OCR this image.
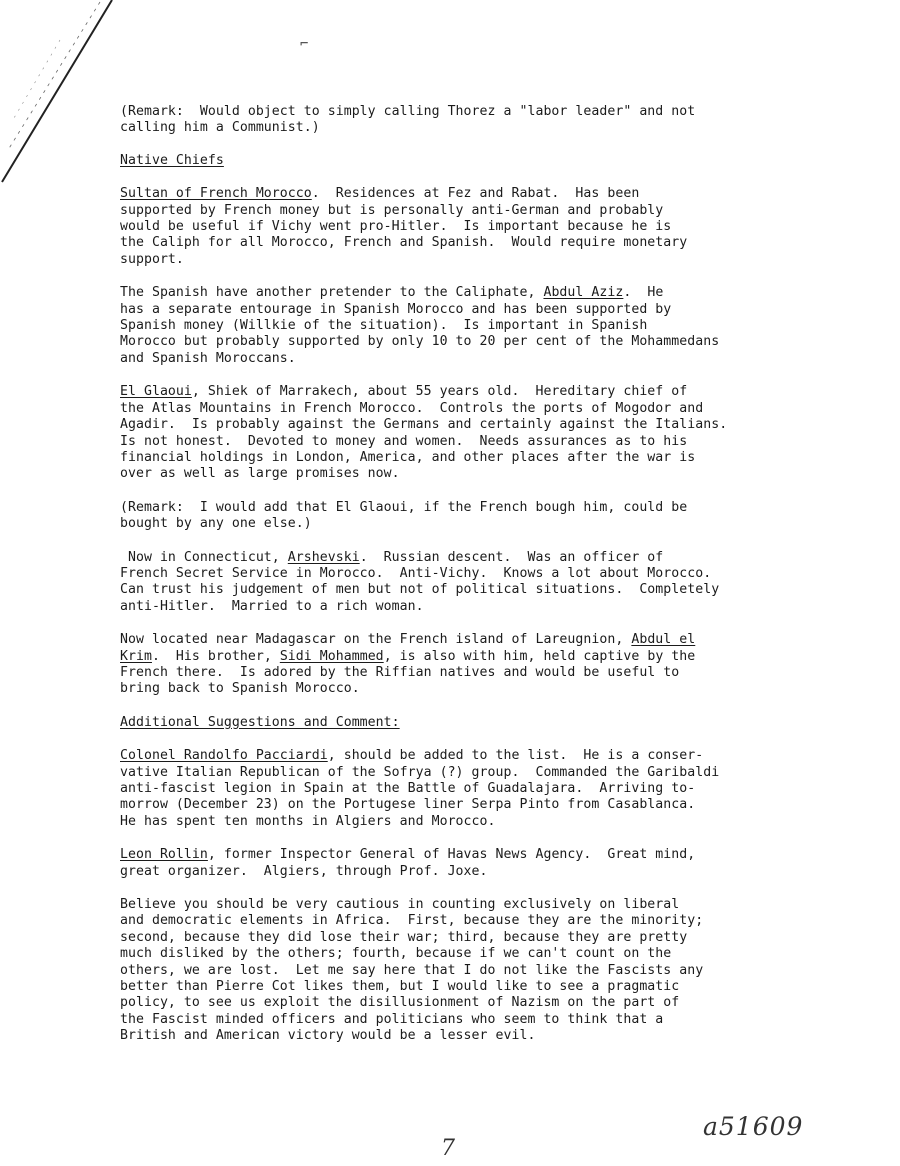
⌐

(Remark:  Would object to simply calling Thorez a "labor leader" and not

calling him a Communist.)

Native Chiefs

Sultan of French Morocco.  Residences at Fez and Rabat.  Has been

supported by French money but is personally anti-German and probably

would be useful if Vichy went pro-Hitler.  Is important because he is

the Caliph for all Morocco, French and Spanish.  Would require monetary

support.

The Spanish have another pretender to the Caliphate, Abdul Aziz.  He

has a separate entourage in Spanish Morocco and has been supported by

Spanish money (Willkie of the situation).  Is important in Spanish

Morocco but probably supported by only 10 to 20 per cent of the Mohammedans

and Spanish Moroccans.

El Glaoui, Shiek of Marrakech, about 55 years old.  Hereditary chief of

the Atlas Mountains in French Morocco.  Controls the ports of Mogodor and

Agadir.  Is probably against the Germans and certainly against the Italians.

Is not honest.  Devoted to money and women.  Needs assurances as to his

financial holdings in London, America, and other places after the war is

over as well as large promises now.

(Remark:  I would add that El Glaoui, if the French bough him, could be

bought by any one else.)

Now in Connecticut, Arshevski.  Russian descent.  Was an officer of

French Secret Service in Morocco.  Anti-Vichy.  Knows a lot about Morocco.

Can trust his judgement of men but not of political situations.  Completely

anti-Hitler.  Married to a rich woman.

Now located near Madagascar on the French island of Lareugnion, Abdul el

Krim.  His brother, Sidi Mohammed, is also with him, held captive by the

French there.  Is adored by the Riffian natives and would be useful to

bring back to Spanish Morocco.

Additional Suggestions and Comment:

Colonel Randolfo Pacciardi, should be added to the list.  He is a conser-

vative Italian Republican of the Sofrya (?) group.  Commanded the Garibaldi

anti-fascist legion in Spain at the Battle of Guadalajara.  Arriving to-

morrow (December 23) on the Portugese liner Serpa Pinto from Casablanca.

He has spent ten months in Algiers and Morocco.

Leon Rollin, former Inspector General of Havas News Agency.  Great mind,

great organizer.  Algiers, through Prof. Joxe.

Believe you should be very cautious in counting exclusively on liberal

and democratic elements in Africa.  First, because they are the minority;

second, because they did lose their war; third, because they are pretty

much disliked by the others; fourth, because if we can't count on the

others, we are lost.  Let me say here that I do not like the Fascists any

better than Pierre Cot likes them, but I would like to see a pragmatic

policy, to see us exploit the disillusionment of Nazism on the part of

the Fascist minded officers and politicians who seem to think that a

British and American victory would be a lesser evil.

a51609
7
